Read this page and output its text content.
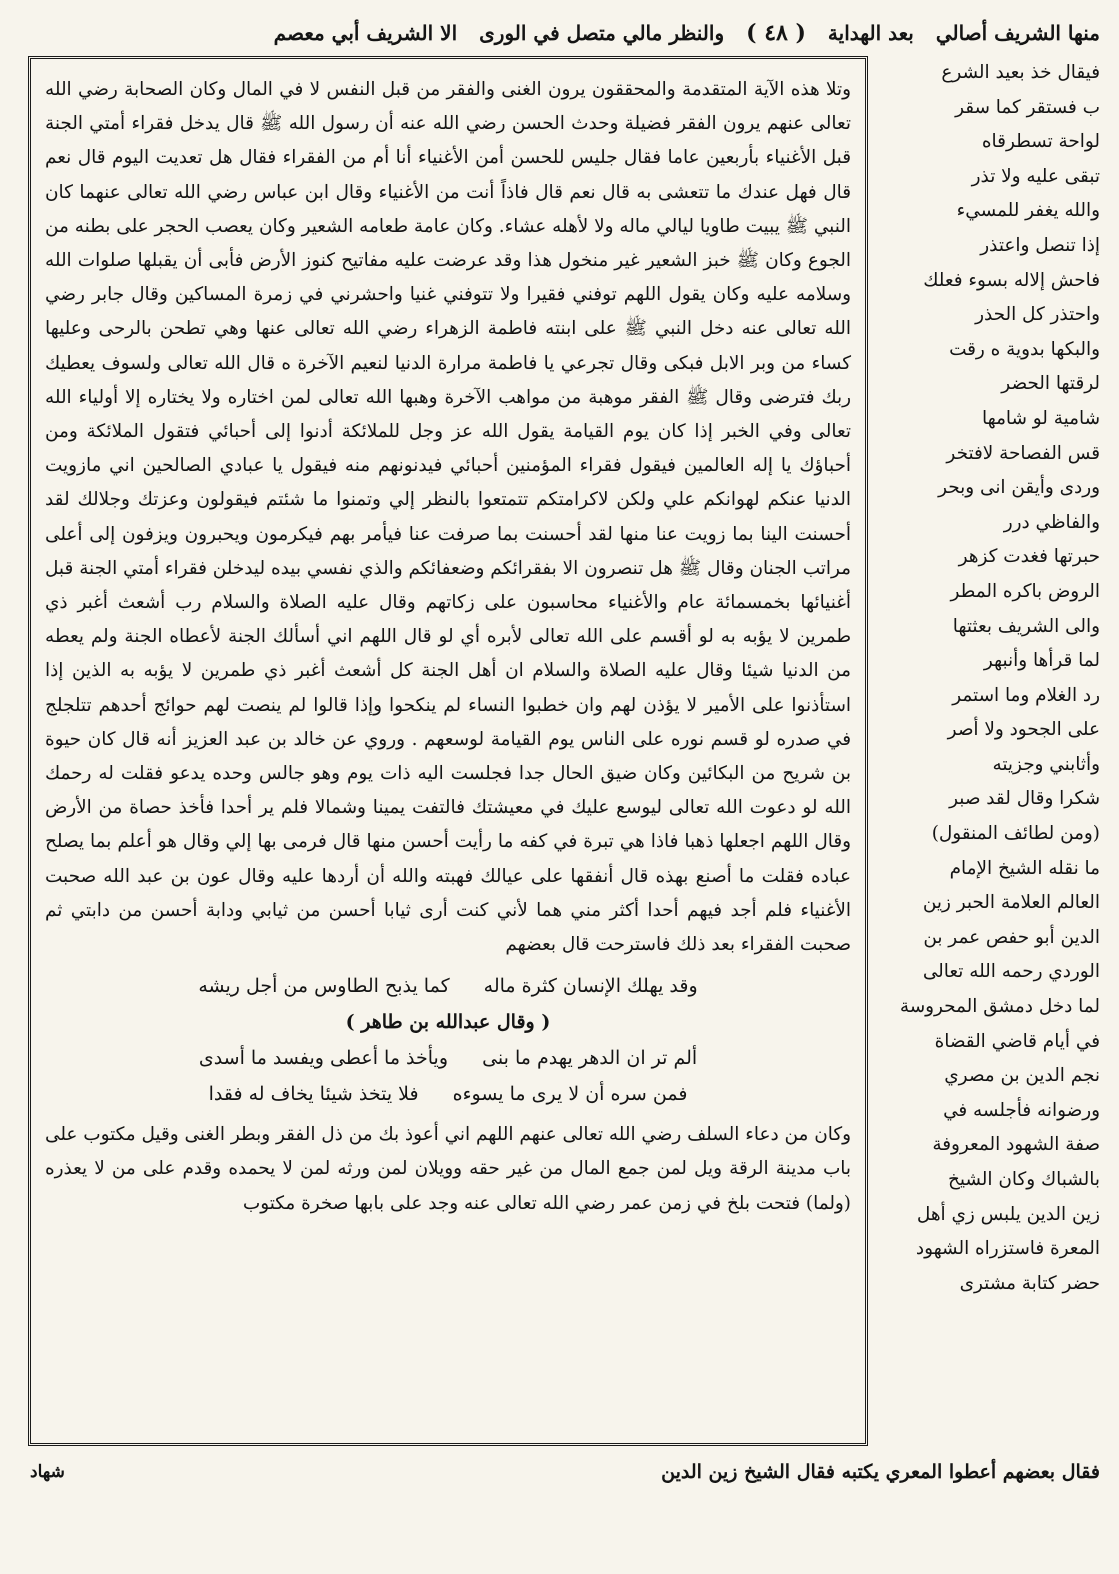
منها الشريف أصالي
بعد الهداية
( ٤٨ )
والنظر مالي متصل في الورى
الا الشريف أبي معصم

وتلا هذه الآية المتقدمة والمحققون يرون الغنى والفقر من قبل النفس لا في المال وكان الصحابة رضي الله تعالى عنهم يرون الفقر فضيلة وحدث الحسن رضي الله عنه أن رسول الله ﷺ قال يدخل فقراء أمتي الجنة قبل الأغنياء بأربعين عاما فقال جليس للحسن أمن الأغنياء أنا أم من الفقراء فقال هل تعديت اليوم قال نعم قال فهل عندك ما تتعشى به قال نعم قال فاذاً أنت من الأغنياء وقال ابن عباس رضي الله تعالى عنهما كان النبي ﷺ يبيت طاويا ليالي ماله ولا لأهله عشاء. وكان عامة طعامه الشعير وكان يعصب الحجر على بطنه من الجوع وكان ﷺ خبز الشعير غير منخول هذا وقد عرضت عليه مفاتيح كنوز الأرض فأبى أن يقبلها صلوات الله وسلامه عليه وكان يقول اللهم توفني فقيرا ولا تتوفني غنيا واحشرني في زمرة المساكين وقال جابر رضي الله تعالى عنه دخل النبي ﷺ على ابنته فاطمة الزهراء رضي الله تعالى عنها وهي تطحن بالرحى وعليها كساء من وبر الابل فبكى وقال تجرعي يا فاطمة مرارة الدنيا لنعيم الآخرة ه قال الله تعالى ولسوف يعطيك ربك فترضى وقال ﷺ الفقر موهبة من مواهب الآخرة وهبها الله تعالى لمن اختاره ولا يختاره إلا أولياء الله تعالى وفي الخبر إذا كان يوم القيامة يقول الله عز وجل للملائكة أدنوا إلى أحبائي فتقول الملائكة ومن أحباؤك يا إله العالمين فيقول فقراء المؤمنين أحبائي فيدنونهم منه فيقول يا عبادي الصالحين اني مازويت الدنيا عنكم لهوانكم علي ولكن لاكرامتكم تتمتعوا بالنظر إلي وتمنوا ما شئتم فيقولون وعزتك وجلالك لقد أحسنت الينا بما زويت عنا منها لقد أحسنت بما صرفت عنا فيأمر بهم فيكرمون ويحبرون ويزفون إلى أعلى مراتب الجنان وقال ﷺ هل تنصرون الا بفقرائكم وضعفائكم والذي نفسي بيده ليدخلن فقراء أمتي الجنة قبل أغنيائها بخمسمائة عام والأغنياء محاسبون على زكاتهم وقال عليه الصلاة والسلام رب أشعث أغبر ذي طمرين لا يؤبه به لو أقسم على الله تعالى لأبره أي لو قال اللهم اني أسألك الجنة لأعطاه الجنة ولم يعطه من الدنيا شيئا وقال عليه الصلاة والسلام ان أهل الجنة كل أشعث أغبر ذي طمرين لا يؤبه به الذين إذا استأذنوا على الأمير لا يؤذن لهم وان خطبوا النساء لم ينكحوا وإذا قالوا لم ينصت لهم حوائج أحدهم تتلجلج في صدره لو قسم نوره على الناس يوم القيامة لوسعهم . وروي عن خالد بن عبد العزيز أنه قال كان حيوة بن شريح من البكائين وكان ضيق الحال جدا فجلست اليه ذات يوم وهو جالس وحده يدعو فقلت له رحمك الله لو دعوت الله تعالى ليوسع عليك في معيشتك فالتفت يمينا وشمالا فلم ير أحدا فأخذ حصاة من الأرض وقال اللهم اجعلها ذهبا فاذا هي تبرة في كفه ما رأيت أحسن منها قال فرمى بها إلي وقال هو أعلم بما يصلح عباده فقلت ما أصنع بهذه قال أنفقها على عيالك فهبته والله أن أردها عليه وقال عون بن عبد الله صحبت الأغنياء فلم أجد فيهم أحدا أكثر مني هما لأني كنت أرى ثيابا أحسن من ثيابي ودابة أحسن من دابتي ثم صحبت الفقراء بعد ذلك فاسترحت قال بعضهم

وقد يهلك الإنسان كثرة ماله كما يذبح الطاوس من أجل ريشه
( وقال عبدالله بن طاهر )
ألم تر ان الدهر يهدم ما بنى ويأخذ ما أعطى ويفسد ما أسدى
فمن سره أن لا يرى ما يسوءه فلا يتخذ شيئا يخاف له فقدا

وكان من دعاء السلف رضي الله تعالى عنهم اللهم اني أعوذ بك من ذل الفقر وبطر الغنى وقيل مكتوب على باب مدينة الرقة ويل لمن جمع المال من غير حقه وويلان لمن ورثه لمن لا يحمده وقدم على من لا يعذره (ولما) فتحت بلخ في زمن عمر رضي الله تعالى عنه وجد على بابها صخرة مكتوب

فيقال خذ بعيد الشرع
ب فستقر كما سقر
لواحة تسطرقاه
تبقى عليه ولا تذر
والله يغفر للمسيء
إذا تنصل واعتذر
فاحش إلاله بسوء فعلك
واحتذر كل الحذر
والبكها بدوية ه رقت
لرقتها الحضر
شامية لو شامها
قس الفصاحة لافتخر
وردى وأيقن انى وبحر
والفاظي درر
حبرتها فغدت كزهر
الروض باكره المطر
والى الشريف بعثتها
لما قرأها وأنبهر
رد الغلام وما استمر
على الجحود ولا أصر
وأثابني وجزيته
شكرا وقال لقد صبر
(ومن لطائف المنقول)
ما نقله الشيخ الإمام
العالم العلامة الحبر زين
الدين أبو حفص عمر بن
الوردي رحمه الله تعالى
لما دخل دمشق المحروسة
في أيام قاضي القضاة
نجم الدين بن مصري
ورضوانه فأجلسه في
صفة الشهود المعروفة
بالشباك وكان الشيخ
زين الدين يلبس زي أهل
المعرة فاستزراه الشهود
حضر كتابة مشترى
فقال بعضهم أعطوا المعري يكتبه فقال الشيخ زين الدين
شهاد
